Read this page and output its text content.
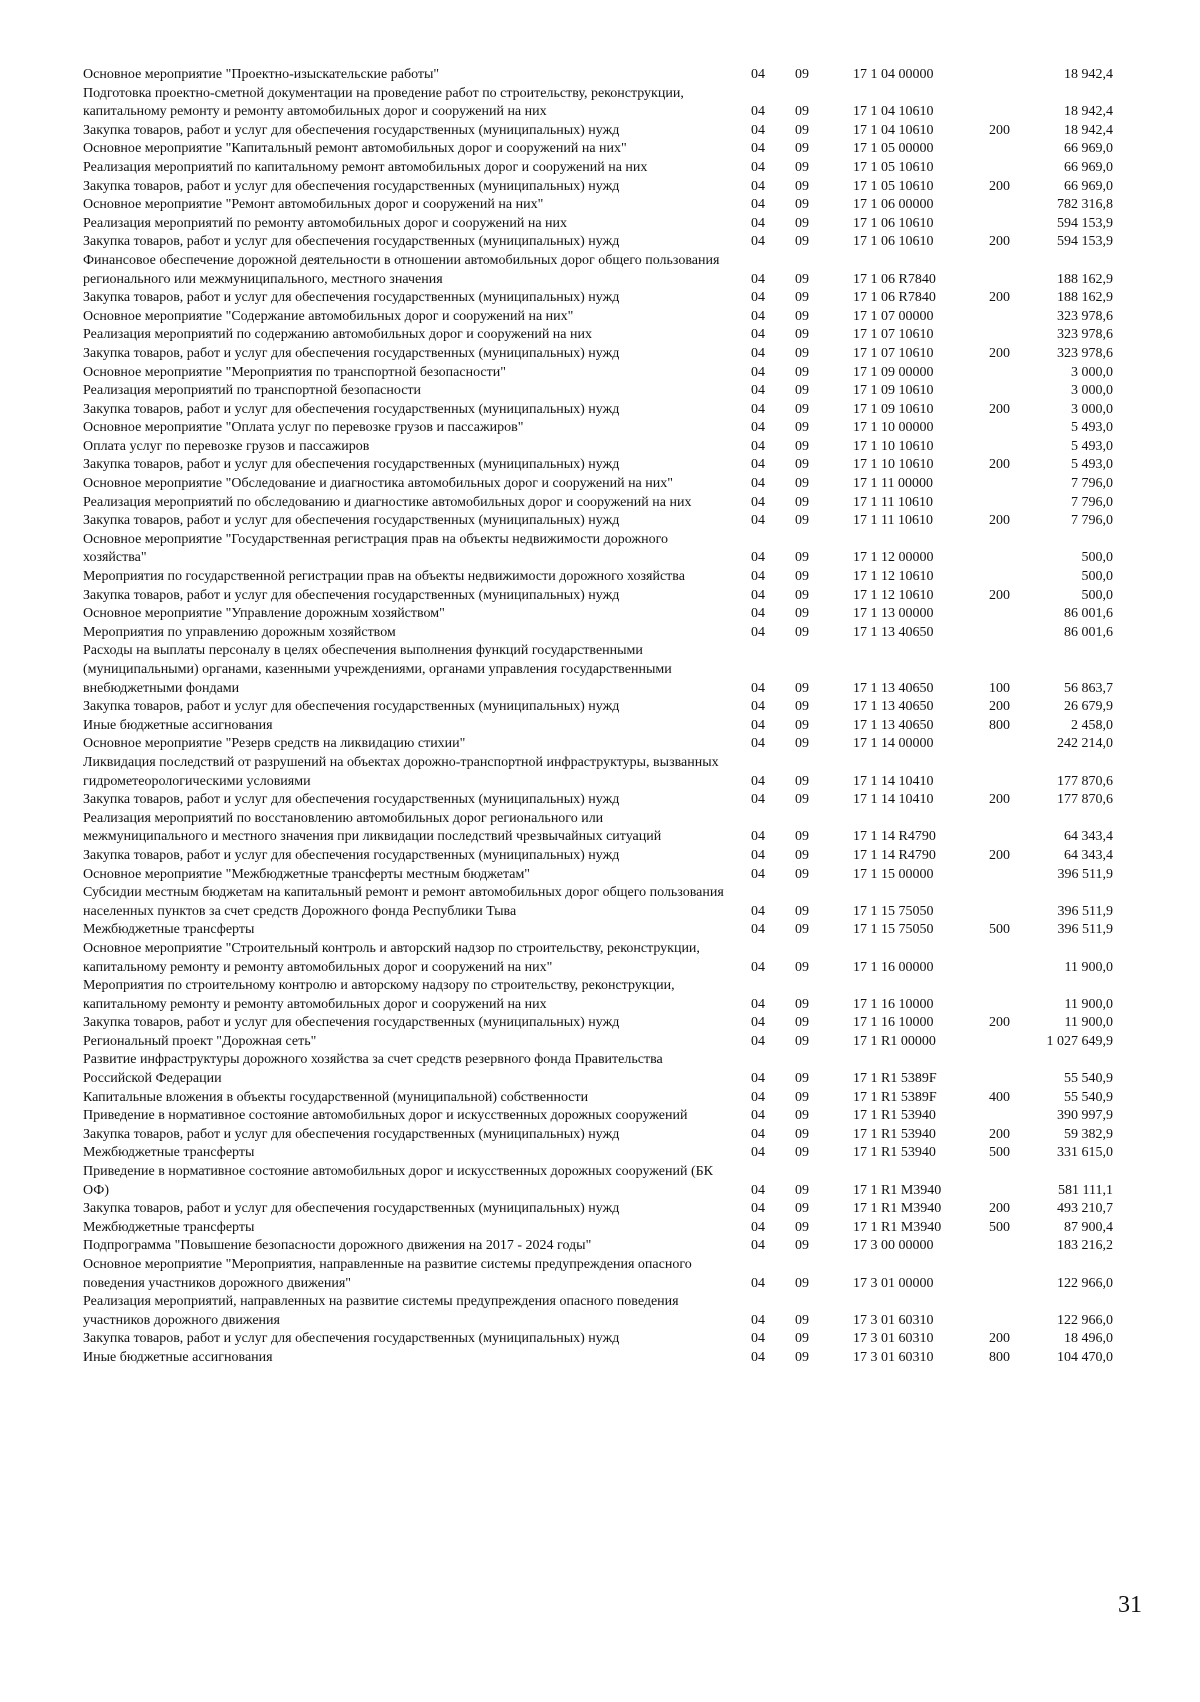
Основное мероприятие "Проектно-изыскательские работы"	04	09	17 1 04 00000		18 942,4
Подготовка проектно-сметной документации на проведение работ по строительству, реконструкции, капитальному ремонту и ремонту автомобильных дорог и сооружений на них	04	09	17 1 04 10610		18 942,4
Закупка товаров, работ и услуг для обеспечения государственных (муниципальных) нужд	04	09	17 1 04 10610	200	18 942,4
Основное мероприятие "Капитальный ремонт автомобильных дорог и сооружений на них"	04	09	17 1 05 00000		66 969,0
Реализация мероприятий по капитальному ремонт автомобильных дорог и сооружений на них	04	09	17 1 05 10610		66 969,0
Закупка товаров, работ и услуг для обеспечения государственных (муниципальных) нужд	04	09	17 1 05 10610	200	66 969,0
Основное мероприятие "Ремонт автомобильных дорог и сооружений на них"	04	09	17 1 06 00000		782 316,8
Реализация мероприятий по ремонту автомобильных дорог и сооружений на них	04	09	17 1 06 10610		594 153,9
Закупка товаров, работ и услуг для обеспечения государственных (муниципальных) нужд	04	09	17 1 06 10610	200	594 153,9
Финансовое обеспечение дорожной деятельности в отношении автомобильных дорог общего пользования регионального или межмуниципального, местного значения	04	09	17 1 06 R7840		188 162,9
Закупка товаров, работ и услуг для обеспечения государственных (муниципальных) нужд	04	09	17 1 06 R7840	200	188 162,9
Основное мероприятие "Содержание автомобильных дорог и сооружений на них"	04	09	17 1 07 00000		323 978,6
Реализация мероприятий по содержанию автомобильных дорог и сооружений на них	04	09	17 1 07 10610		323 978,6
Закупка товаров, работ и услуг для обеспечения государственных (муниципальных) нужд	04	09	17 1 07 10610	200	323 978,6
Основное мероприятие "Мероприятия по транспортной безопасности"	04	09	17 1 09 00000		3 000,0
Реализация мероприятий по транспортной безопасности	04	09	17 1 09 10610		3 000,0
Закупка товаров, работ и услуг для обеспечения государственных (муниципальных) нужд	04	09	17 1 09 10610	200	3 000,0
Основное мероприятие "Оплата услуг по перевозке грузов и пассажиров"	04	09	17 1 10 00000		5 493,0
Оплата услуг по перевозке грузов и пассажиров	04	09	17 1 10 10610		5 493,0
Закупка товаров, работ и услуг для обеспечения государственных (муниципальных) нужд	04	09	17 1 10 10610	200	5 493,0
Основное мероприятие "Обследование и диагностика автомобильных дорог и сооружений на них"	04	09	17 1 11 00000		7 796,0
Реализация мероприятий по обследованию и диагностике автомобильных дорог и сооружений на них	04	09	17 1 11 10610		7 796,0
Закупка товаров, работ и услуг для обеспечения государственных (муниципальных) нужд	04	09	17 1 11 10610	200	7 796,0
Основное мероприятие "Государственная регистрация прав на объекты недвижимости дорожного хозяйства"	04	09	17 1 12 00000		500,0
Мероприятия по государственной регистрации прав на объекты недвижимости дорожного хозяйства	04	09	17 1 12 10610		500,0
Закупка товаров, работ и услуг для обеспечения государственных (муниципальных) нужд	04	09	17 1 12 10610	200	500,0
Основное мероприятие "Управление дорожным хозяйством"	04	09	17 1 13 00000		86 001,6
Мероприятия по управлению дорожным хозяйством	04	09	17 1 13 40650		86 001,6
Расходы на выплаты персоналу в целях обеспечения выполнения функций государственными (муниципальными) органами, казенными учреждениями, органами управления государственными внебюджетными фондами	04	09	17 1 13 40650	100	56 863,7
Закупка товаров, работ и услуг для обеспечения государственных (муниципальных) нужд	04	09	17 1 13 40650	200	26 679,9
Иные бюджетные ассигнования	04	09	17 1 13 40650	800	2 458,0
Основное мероприятие "Резерв средств на ликвидацию стихии"	04	09	17 1 14 00000		242 214,0
Ликвидация последствий от разрушений на объектах дорожно-транспортной инфраструктуры, вызванных гидрометеорологическими условиями	04	09	17 1 14 10410		177 870,6
Закупка товаров, работ и услуг для обеспечения государственных (муниципальных) нужд	04	09	17 1 14 10410	200	177 870,6
Реализация мероприятий по восстановлению автомобильных дорог регионального или межмуниципального и местного значения при ликвидации последствий чрезвычайных ситуаций	04	09	17 1 14 R4790		64 343,4
Закупка товаров, работ и услуг для обеспечения государственных (муниципальных) нужд	04	09	17 1 14 R4790	200	64 343,4
Основное мероприятие "Межбюджетные трансферты местным бюджетам"	04	09	17 1 15 00000		396 511,9
Субсидии местным бюджетам на капитальный ремонт и ремонт автомобильных дорог общего пользования населенных пунктов за счет средств Дорожного фонда Республики Тыва	04	09	17 1 15 75050		396 511,9
Межбюджетные трансферты	04	09	17 1 15 75050	500	396 511,9
Основное мероприятие "Строительный контроль и авторский надзор по строительству, реконструкции, капитальному ремонту и ремонту автомобильных дорог и сооружений на них"	04	09	17 1 16 00000		11 900,0
Мероприятия по строительному контролю и авторскому надзору по строительству, реконструкции, капитальному ремонту и ремонту автомобильных дорог и сооружений на них	04	09	17 1 16 10000		11 900,0
Закупка товаров, работ и услуг для обеспечения государственных (муниципальных) нужд	04	09	17 1 16 10000	200	11 900,0
Региональный проект "Дорожная сеть"	04	09	17 1 R1 00000		1 027 649,9
Развитие инфраструктуры дорожного хозяйства за счет средств резервного фонда Правительства Российской Федерации	04	09	17 1 R1 5389F		55 540,9
Капитальные вложения в объекты государственной (муниципальной) собственности	04	09	17 1 R1 5389F	400	55 540,9
Приведение в нормативное состояние автомобильных дорог и искусственных дорожных сооружений	04	09	17 1 R1 53940		390 997,9
Закупка товаров, работ и услуг для обеспечения государственных (муниципальных) нужд	04	09	17 1 R1 53940	200	59 382,9
Межбюджетные трансферты	04	09	17 1 R1 53940	500	331 615,0
Приведение в нормативное состояние автомобильных дорог и искусственных дорожных сооружений (БК ОФ)	04	09	17 1 R1 M3940		581 111,1
Закупка товаров, работ и услуг для обеспечения государственных (муниципальных) нужд	04	09	17 1 R1 M3940	200	493 210,7
Межбюджетные трансферты	04	09	17 1 R1 M3940	500	87 900,4
Подпрограмма "Повышение безопасности дорожного движения на 2017 - 2024 годы"	04	09	17 3 00 00000		183 216,2
Основное мероприятие "Мероприятия, направленные на развитие системы предупреждения опасного поведения участников дорожного движения"	04	09	17 3 01 00000		122 966,0
Реализация мероприятий, направленных на развитие системы предупреждения опасного поведения участников дорожного движения	04	09	17 3 01 60310		122 966,0
Закупка товаров, работ и услуг для обеспечения государственных (муниципальных) нужд	04	09	17 3 01 60310	200	18 496,0
Иные бюджетные ассигнования	04	09	17 3 01 60310	800	104 470,0
31
